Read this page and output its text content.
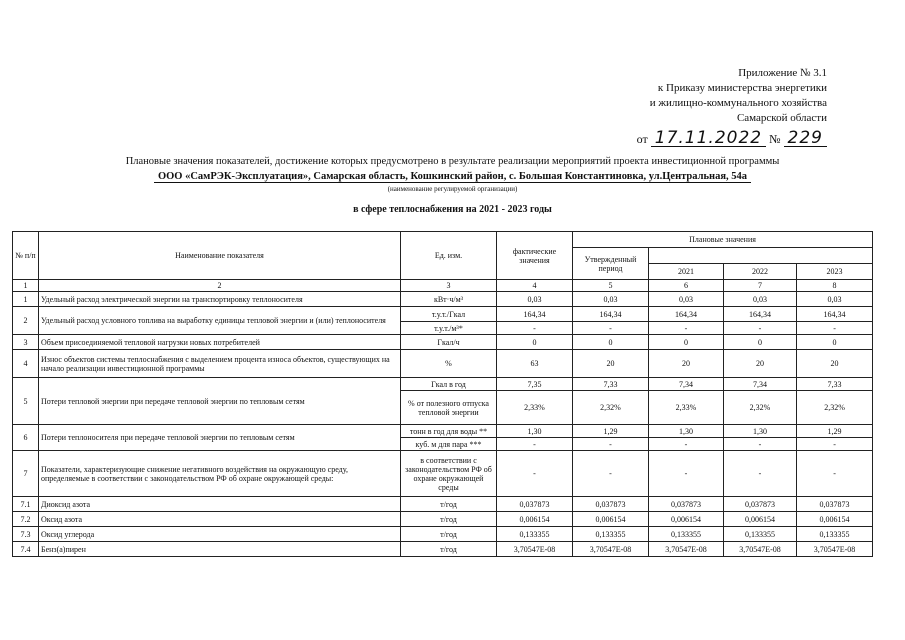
Приложение № 3.1
к Приказу министерства энергетики
и жилищно-коммунального хозяйства
Самарской области
от 17.11.2022 № 229
Плановые значения показателей, достижение которых предусмотрено в результате реализации мероприятий проекта инвестиционной программы
ООО «СамРЭК-Эксплуатация», Самарская область, Кошкинский район, с. Большая Константиновка, ул.Центральная, 54а
(наименование регулируемой организации)
в сфере теплоснабжения на 2021 - 2023 годы
№ п/п	Наименование показателя	Ед. изм.	фактические значения	Плановые значения			
				Утвержденный период			
					2021	2022	2023
1	2	3	4	5	6	7	8
1	Удельный расход электрической энергии на транспортировку теплоносителя	кВт·ч/м³	0,03	0,03	0,03	0,03	0,03
2	Удельный расход условного топлива на выработку единицы тепловой энергии и (или) теплоносителя	т.у.т./Гкал	164,34	164,34	164,34	164,34	164,34
		т.у.т./м³*	-	-	-	-	-
3	Объем присоединяемой тепловой нагрузки новых потребителей	Гкал/ч	0	0	0	0	0
4	Износ объектов системы теплоснабжения с выделением процента износа объектов, существующих на начало реализации инвестиционной программы	%	63	20	20	20	20
5	Потери тепловой энергии при передаче тепловой энергии по тепловым сетям	Гкал в год	7,35	7,33	7,34	7,34	7,33
		% от полезного отпуска тепловой энергии	2,33%	2,32%	2,33%	2,32%	2,32%
6	Потери теплоносителя при передаче тепловой энергии по тепловым сетям	тонн в год для воды **	1,30	1,29	1,30	1,30	1,29
		куб. м для пара ***	-	-	-	-	-
7	Показатели, характеризующие снижение негативного воздействия на окружающую среду, определяемые в соответствии с законодательством РФ об охране окружающей среды:	в соответствии с законодательством РФ об охране окружающей среды	-	-	-	-	-
7.1	Диоксид азота	т/год	0,037873	0,037873	0,037873	0,037873	0,037873
7.2	Оксид азота	т/год	0,006154	0,006154	0,006154	0,006154	0,006154
7.3	Оксид углерода	т/год	0,133355	0,133355	0,133355	0,133355	0,133355
7.4	Бенз(а)пирен	т/год	3,70547E-08	3,70547E-08	3,70547E-08	3,70547E-08	3,70547E-08
